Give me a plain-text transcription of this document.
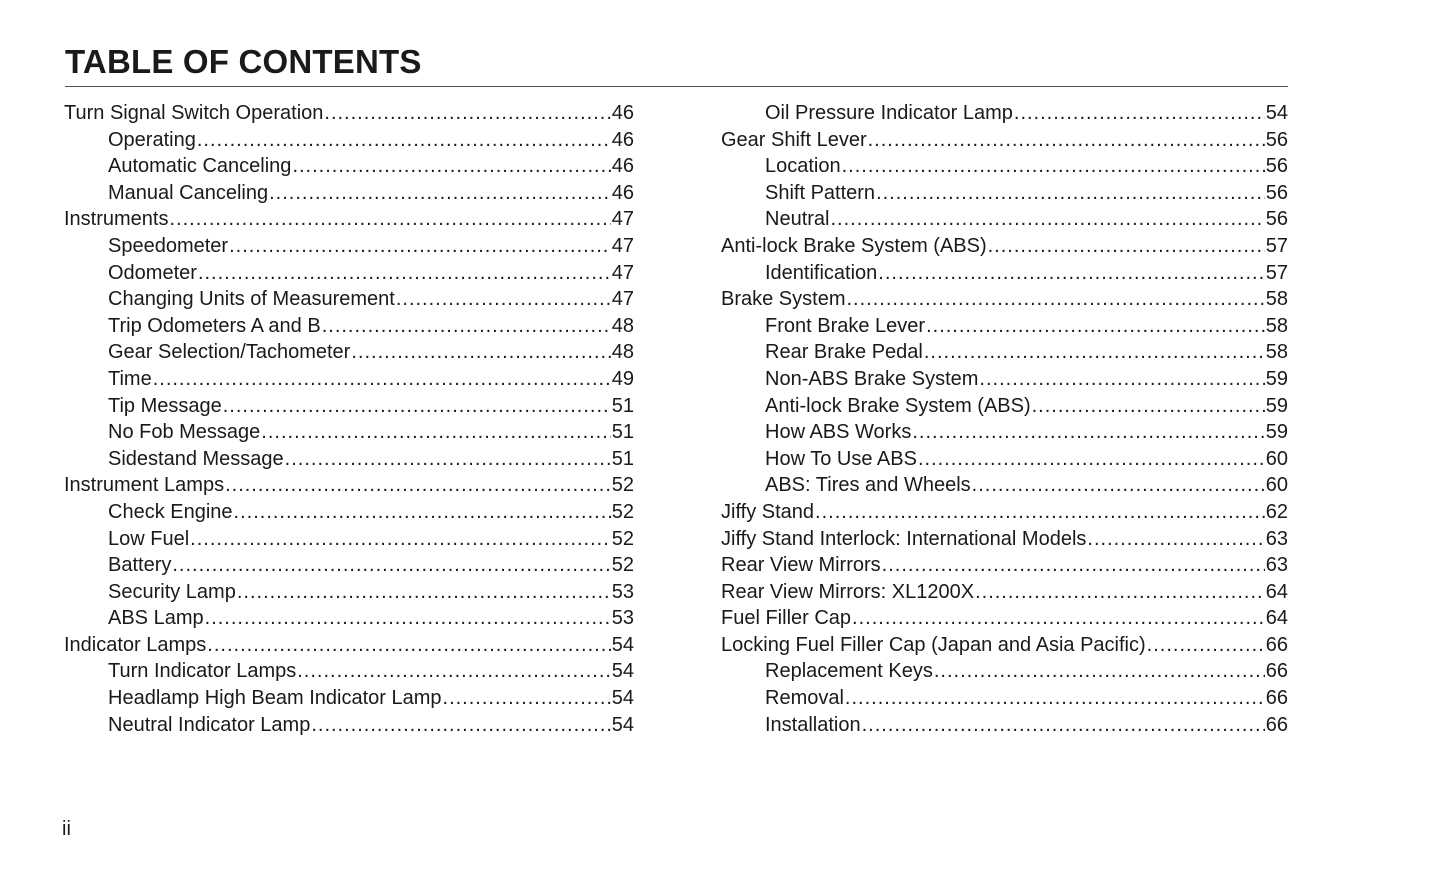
TABLE OF CONTENTS
Turn Signal Switch Operation .....	46
Operating .....	46
Automatic Canceling .....	46
Manual Canceling .....	46
Instruments .....	47
Speedometer .....	47
Odometer .....	47
Changing Units of Measurement .....	47
Trip Odometers A and B .....	48
Gear Selection/Tachometer .....	48
Time .....	49
Tip Message .....	51
No Fob Message .....	51
Sidestand Message .....	51
Instrument Lamps .....	52
Check Engine .....	52
Low Fuel .....	52
Battery .....	52
Security Lamp .....	53
ABS Lamp .....	53
Indicator Lamps .....	54
Turn Indicator Lamps .....	54
Headlamp High Beam Indicator Lamp .....	54
Neutral Indicator Lamp .....	54
Oil Pressure Indicator Lamp .....	54
Gear Shift Lever .....	56
Location .....	56
Shift Pattern .....	56
Neutral .....	56
Anti-lock Brake System (ABS) .....	57
Identification .....	57
Brake System .....	58
Front Brake Lever .....	58
Rear Brake Pedal .....	58
Non-ABS Brake System .....	59
Anti-lock Brake System (ABS) .....	59
How ABS Works .....	59
How To Use ABS .....	60
ABS: Tires and Wheels .....	60
Jiffy Stand .....	62
Jiffy Stand Interlock: International Models .....	63
Rear View Mirrors .....	63
Rear View Mirrors: XL1200X .....	64
Fuel Filler Cap .....	64
Locking Fuel Filler Cap (Japan and Asia Pacific) .....	66
Replacement Keys .....	66
Removal .....	66
Installation .....	66
ii
